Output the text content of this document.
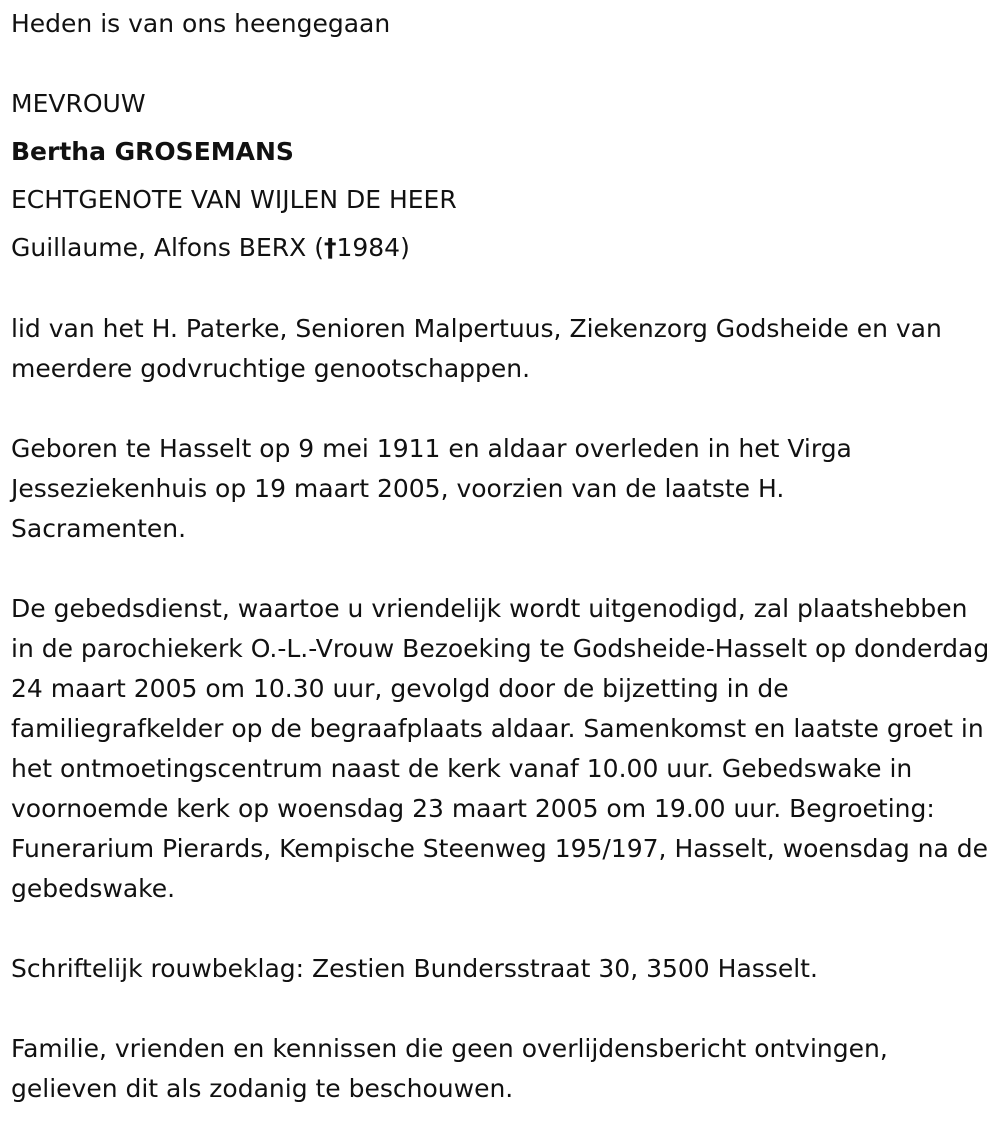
Heden is van ons heengegaan

MEVROUW

Bertha GROSEMANS

ECHTGENOTE VAN WIJLEN DE HEER

Guillaume, Alfons BERX (†1984)

lid van het H. Paterke, Senioren Malpertuus, Ziekenzorg Godsheide en van meerdere godvruchtige genootschappen.

Geboren te Hasselt op 9 mei 1911 en aldaar overleden in het Virga Jesseziekenhuis op 19 maart 2005, voorzien van de laatste H. Sacramenten.

De gebedsdienst, waartoe u vriendelijk wordt uitgenodigd, zal plaatshebben in de parochiekerk O.-L.-Vrouw Bezoeking te Godsheide-Hasselt op donderdag 24 maart 2005 om 10.30 uur, gevolgd door de bijzetting in de familiegrafkelder op de begraafplaats aldaar. Samenkomst en laatste groet in het ontmoetingscentrum naast de kerk vanaf 10.00 uur. Gebedswake in voornoemde kerk op woensdag 23 maart 2005 om 19.00 uur. Begroeting: Funerarium Pierards, Kempische Steenweg 195/197, Hasselt, woensdag na de gebedswake.

Schriftelijk rouwbeklag: Zestien Bundersstraat 30, 3500 Hasselt.

Familie, vrienden en kennissen die geen overlijdensbericht ontvingen, gelieven dit als zodanig te beschouwen.
